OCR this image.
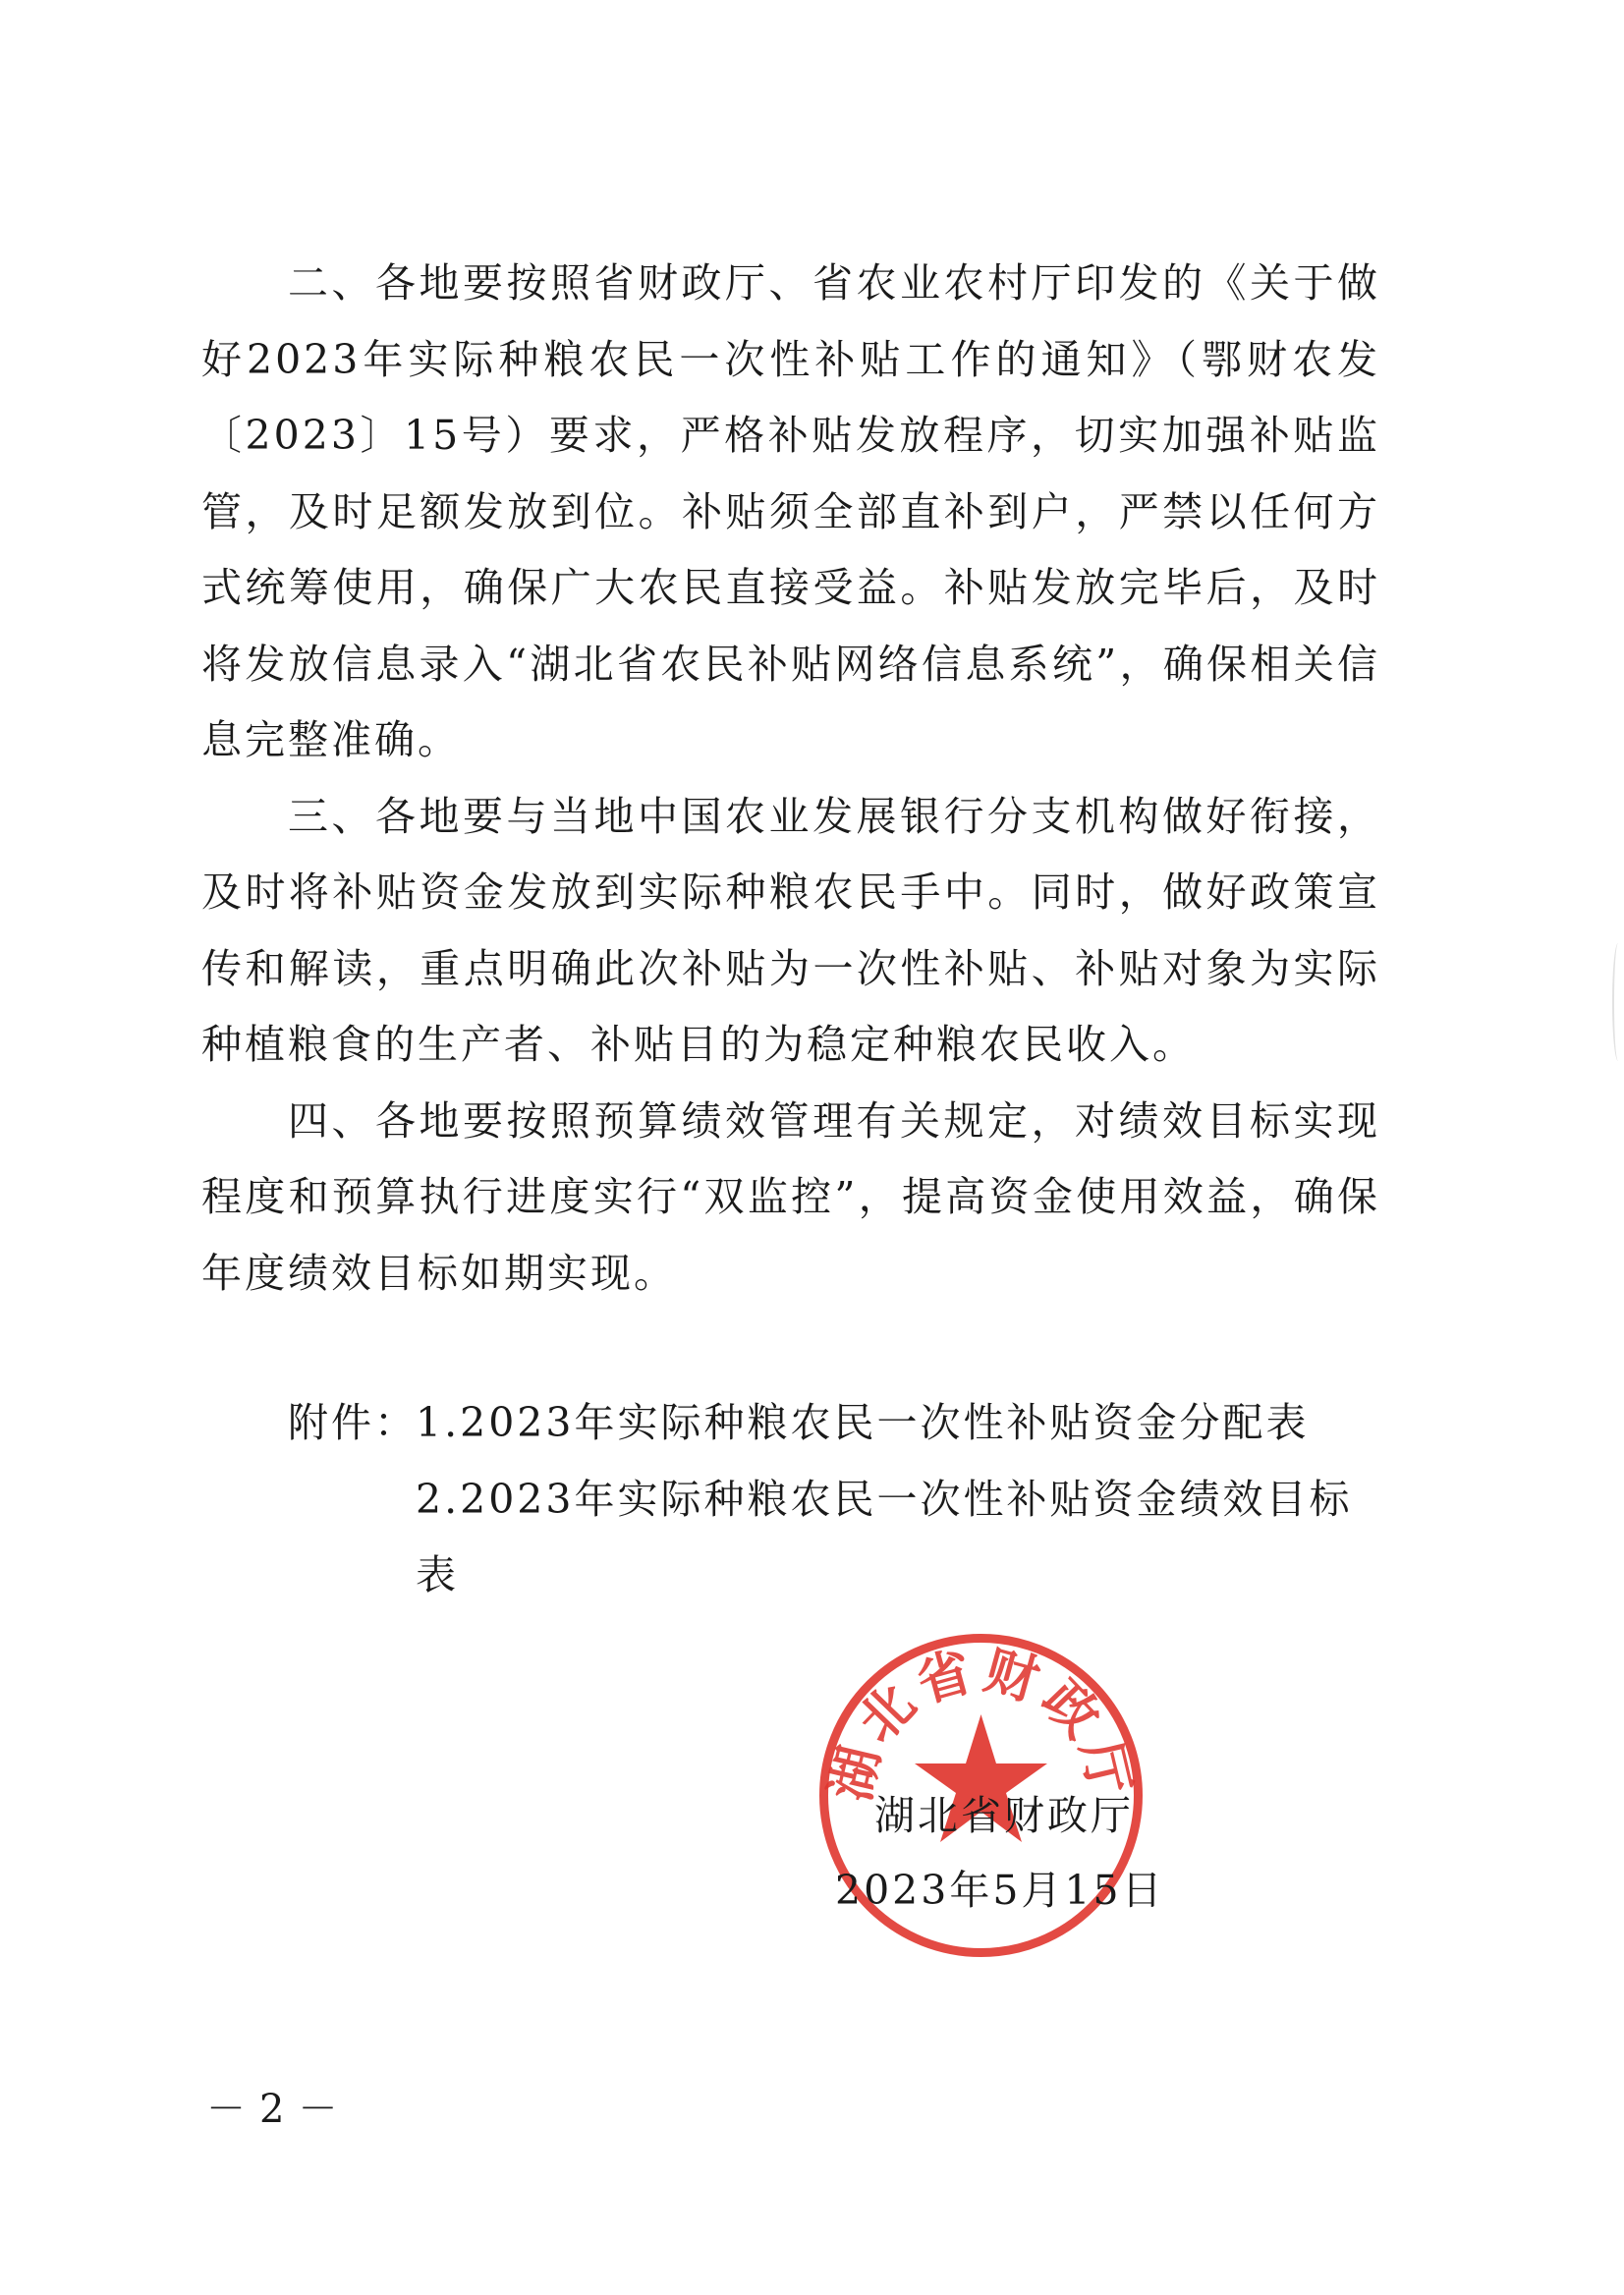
二、各地要按照省财政厅、省农业农村厅印发的《关于做好2023年实际种粮农民一次性补贴工作的通知》（鄂财农发〔2023〕15号）要求，严格补贴发放程序，切实加强补贴监管，及时足额发放到位。补贴须全部直补到户，严禁以任何方式统筹使用，确保广大农民直接受益。补贴发放完毕后，及时将发放信息录入“湖北省农民补贴网络信息系统”，确保相关信息完整准确。

三、各地要与当地中国农业发展银行分支机构做好衔接，及时将补贴资金发放到实际种粮农民手中。同时，做好政策宣传和解读，重点明确此次补贴为一次性补贴、补贴对象为实际种植粮食的生产者、补贴目的为稳定种粮农民收入。

四、各地要按照预算绩效管理有关规定，对绩效目标实现程度和预算执行进度实行“双监控”，提高资金使用效益，确保年度绩效目标如期实现。

附件：
1.2023年实际种粮农民一次性补贴资金分配表
2.2023年实际种粮农民一次性补贴资金绩效目标表
湖北省财政厅
湖北省财政厅
2023年5月15日
－2－
